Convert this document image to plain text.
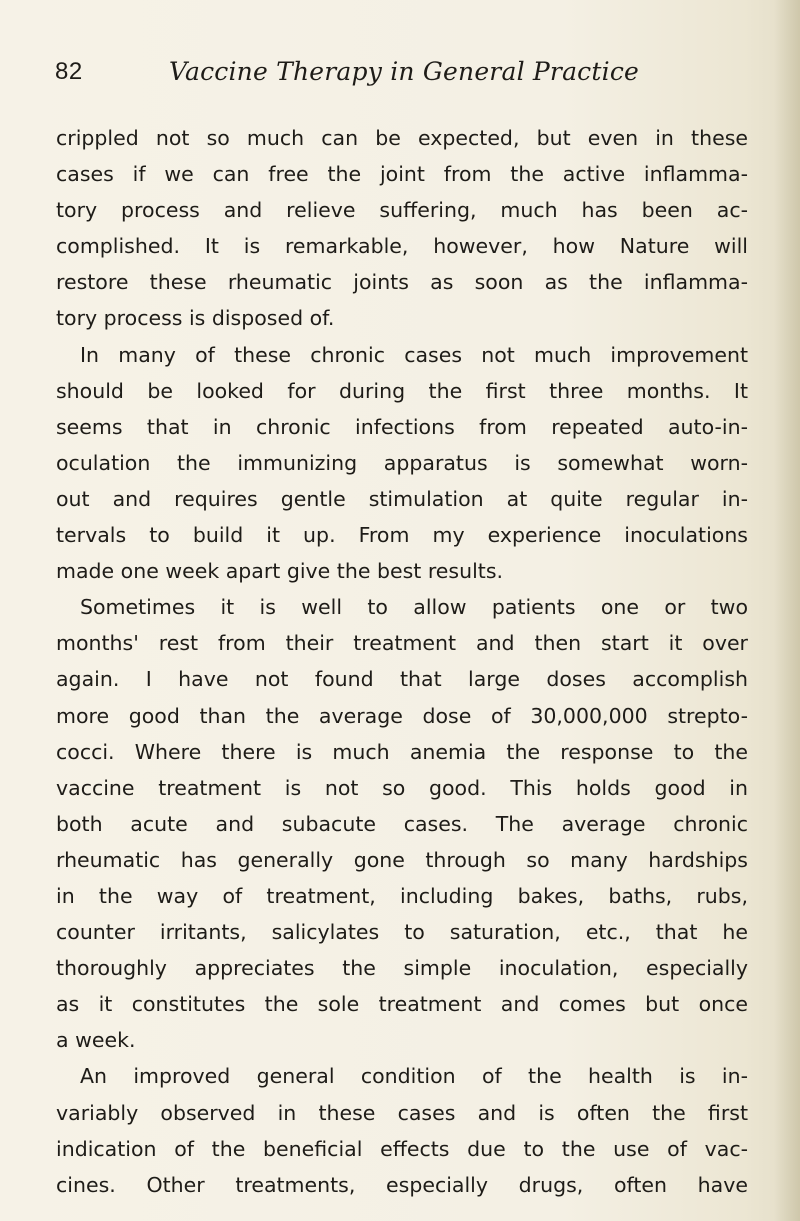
82	Vaccine Therapy in General Practice
crippled not so much can be expected, but even in these
cases if we can free the joint from the active inflamma-
tory process and relieve suffering, much has been ac-
complished. It is remarkable, however, how Nature will
restore these rheumatic joints as soon as the inflamma-
tory process is disposed of.
In many of these chronic cases not much improvement
should be looked for during the first three months. It
seems that in chronic infections from repeated auto-in-
oculation the immunizing apparatus is somewhat worn-
out and requires gentle stimulation at quite regular in-
tervals to build it up. From my experience inoculations
made one week apart give the best results.
Sometimes it is well to allow patients one or two
months' rest from their treatment and then start it over
again. I have not found that large doses accomplish
more good than the average dose of 30,000,000 strepto-
cocci. Where there is much anemia the response to the
vaccine treatment is not so good. This holds good in
both acute and subacute cases. The average chronic
rheumatic has generally gone through so many hardships
in the way of treatment, including bakes, baths, rubs,
counter irritants, salicylates to saturation, etc., that he
thoroughly appreciates the simple inoculation, especially
as it constitutes the sole treatment and comes but once
a week.
An improved general condition of the health is in-
variably observed in these cases and is often the first
indication of the beneficial effects due to the use of vac-
cines. Other treatments, especially drugs, often have
